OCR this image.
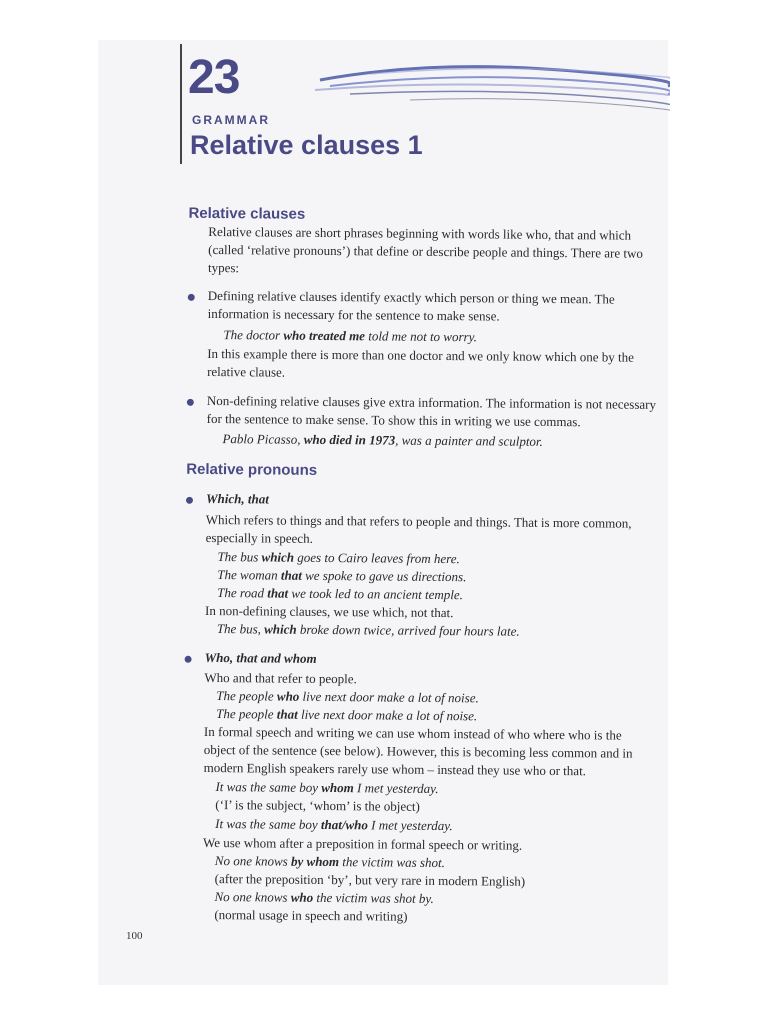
23
GRAMMAR
Relative clauses 1
Relative clauses
Relative clauses are short phrases beginning with words like who, that and which
(called ‘relative pronouns’) that define or describe people and things. There are two
types:
Defining relative clauses identify exactly which person or thing we mean. The
information is necessary for the sentence to make sense.
The doctor who treated me told me not to worry.
In this example there is more than one doctor and we only know which one by the
relative clause.
Non-defining relative clauses give extra information. The information is not necessary
for the sentence to make sense. To show this in writing we use commas.
Pablo Picasso, who died in 1973, was a painter and sculptor.
Relative pronouns
Which, that
Which refers to things and that refers to people and things. That is more common,
especially in speech.
The bus which goes to Cairo leaves from here.
The woman that we spoke to gave us directions.
The road that we took led to an ancient temple.
In non-defining clauses, we use which, not that.
The bus, which broke down twice, arrived four hours late.
Who, that and whom
Who and that refer to people.
The people who live next door make a lot of noise.
The people that live next door make a lot of noise.
In formal speech and writing we can use whom instead of who where who is the
object of the sentence (see below). However, this is becoming less common and in
modern English speakers rarely use whom – instead they use who or that.
It was the same boy whom I met yesterday.
(‘I’ is the subject, ‘whom’ is the object)
It was the same boy that/who I met yesterday.
We use whom after a preposition in formal speech or writing.
No one knows by whom the victim was shot.
(after the preposition ‘by’, but very rare in modern English)
No one knows who the victim was shot by.
(normal usage in speech and writing)
100
